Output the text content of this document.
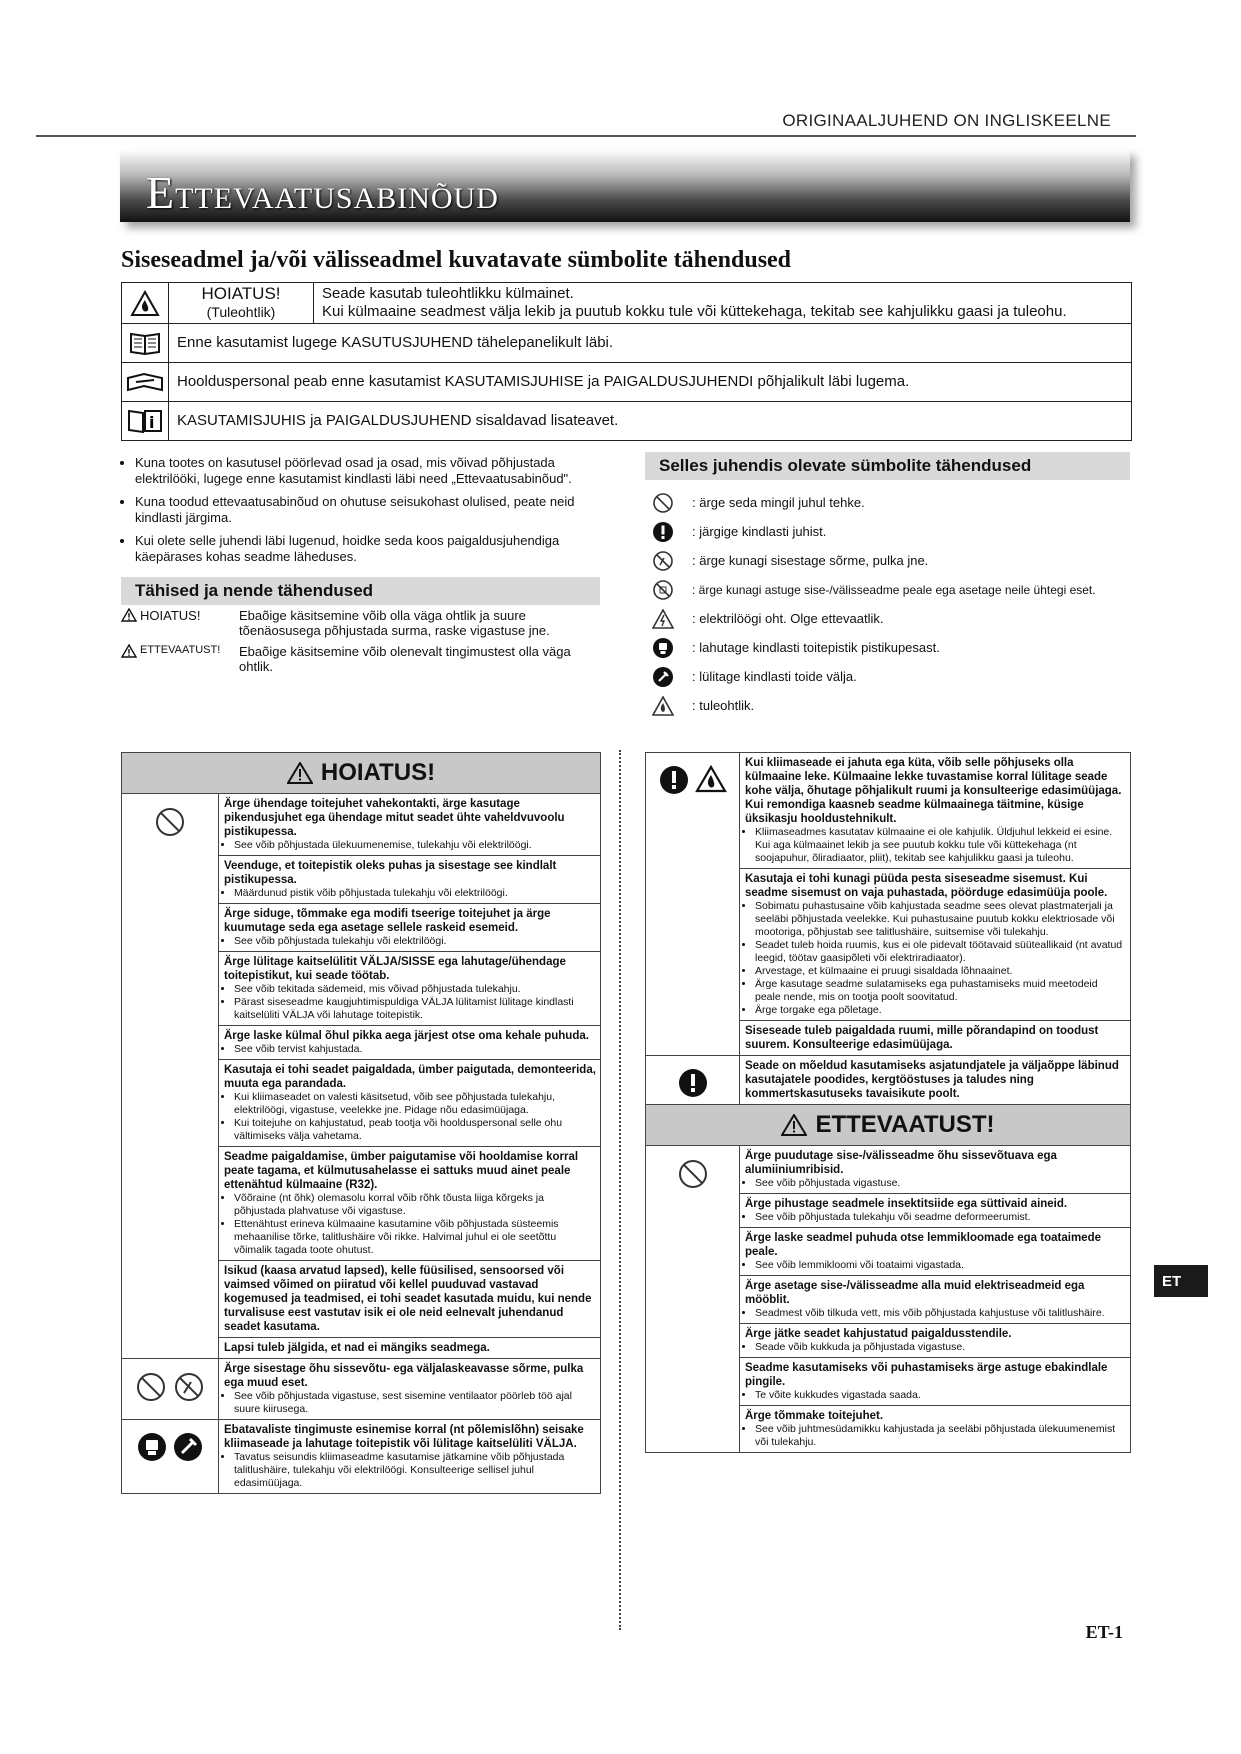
ORIGINAALJUHEND ON INGLISKEELNE
ETTEVAATUSABINÕUD
Siseseadmel ja/või välisseadmel kuvatavate sümbolite tähendused
HOIATUS!
(Tuleohtlik)
Seade kasutab tuleohtlikku külmainet.
Kui külmaaine seadmest välja lekib ja puutub kokku tule või küttekehaga, tekitab see kahjulikku gaasi ja tuleohu.
Enne kasutamist lugege KASUTUSJUHEND tähelepanelikult läbi.
Hoolduspersonal peab enne kasutamist KASUTAMISJUHISE ja PAIGALDUSJUHENDI põhjalikult läbi lugema.
i	KASUTAMISJUHIS ja PAIGALDUSJUHEND sisaldavad lisateavet.
• Kuna tootes on kasutusel pöörlevad osad ja osad, mis võivad põhjustada elektrilööki, lugege enne kasutamist kindlasti läbi need „Ettevaatusabinõud".
• Kuna toodud ettevaatusabinõud on ohutuse seisukohast olulised, peate neid kindlasti järgima.
• Kui olete selle juhendi läbi lugenud, hoidke seda koos paigaldusjuhendiga käepärases kohas seadme läheduses.
Tähised ja nende tähendused
HOIATUS!	Ebaõige käsitsemine võib olla väga ohtlik ja suure tõenäosusega põhjustada surma, raske vigastuse jne.
ETTEVAATUST! Ebaõige käsitsemine võib olenevalt tingimustest olla väga ohtlik.
Selles juhendis olevate sümbolite tähendused
: ärge seda mingil juhul tehke.
: järgige kindlasti juhist.
: ärge kunagi sisestage sõrme, pulka jne.
: ärge kunagi astuge sise-/välisseadme peale ega asetage neile ühtegi eset.
: elektrilöögi oht. Olge ettevaatlik.
: lahutage kindlasti toitepistik pistikupesast.
: lülitage kindlasti toide välja.
: tuleohtlik.
HOIATUS!
Ärge ühendage toitejuhet vahekontakti, ärge kasutage pikendusjuhet ega ühendage mitut seadet ühte vaheldvuvoolu pistikupessa.
• See võib põhjustada ülekuumenemise, tulekahju või elektrilöögi.
Veenduge, et toitepistik oleks puhas ja sisestage see kindlalt pistikupessa.
• Määrdunud pistik võib põhjustada tulekahju või elektrilöögi.
Ärge siduge, tõmmake ega modifi tseerige toitejuhet ja ärge kuumutage seda ega asetage sellele raskeid esemeid.
• See võib põhjustada tulekahju või elektrilöögi.
Ärge lülitage kaitselülitit VÄLJA/SISSE ega lahutage/ühendage toitepistikut, kui seade töötab.
• See võib tekitada sädemeid, mis võivad põhjustada tulekahju.
• Pärast siseseadme kaugjuhtimispuldiga VÄLJA lülitamist lülitage kindlasti kaitselüliti VÄLJA või lahutage toitepistik.
Ärge laske külmal õhul pikka aega järjest otse oma kehale puhuda.
• See võib tervist kahjustada.
Kasutaja ei tohi seadet paigaldada, ümber paigutada, demonteerida, muuta ega parandada.
• Kui kliimaseadet on valesti käsitsetud, võib see põhjustada tulekahju, elektrilöögi, vigastuse, veelekke jne. Pidage nõu edasimüüjaga.
• Kui toitejuhe on kahjustatud, peab tootja või hoolduspersonal selle ohu vältimiseks välja vahetama.
Seadme paigaldamise, ümber paigutamise või hooldamise korral peate tagama, et külmutusahelasse ei sattuks muud ainet peale ettenähtud külmaaine (R32).
• Võõraine (nt õhk) olemasolu korral võib rõhk tõusta liiga kõrgeks ja põhjustada plahvatuse või vigastuse.
• Ettenähtust erineva külmaaine kasutamine võib põhjustada süsteemis mehaanilise tõrke, talitlushäire või rikke. Halvimal juhul ei ole seetõttu võimalik tagada toote ohutust.
Isikud (kaasa arvatud lapsed), kelle füüsilised, sensoorsed või vaimsed võimed on piiratud või kellel puuduvad vastavad kogemused ja teadmised, ei tohi seadet kasutada muidu, kui nende turvalisuse eest vastutav isik ei ole neid eelnevalt juhendanud seadet kasutama.
Lapsi tuleb jälgida, et nad ei mängiks seadmega.
Ärge sisestage õhu sissevõtu- ega väljalaskeavasse sõrme, pulka ega muud eset.
• See võib põhjustada vigastuse, sest sisemine ventilaator pöörleb töö ajal suure kiirusega.
Ebatavaliste tingimuste esinemise korral (nt põlemislõhn) seisake kliimaseade ja lahutage toitepistik või lülitage kaitselüliti VÄLJA.
• Tavatus seisundis kliimaseadme kasutamise jätkamine võib põhjustada talitlushäire, tulekahju või elektrilöögi. Konsulteerige sellisel juhul edasimüüjaga.
Kui kliimaseade ei jahuta ega küta, võib selle põhjuseks olla külmaaine leke. Külmaaine lekke tuvastamise korral lülitage seade kohe välja, õhutage põhjalikult ruumi ja konsulteerige edasimüüjaga. Kui remondiga kaasneb seadme külmaainega täitmine, küsige üksikasju hooldustehnikult.
• Kliimaseadmes kasutatav külmaaine ei ole kahjulik. Üldjuhul lekkeid ei esine. Kui aga külmaainet lekib ja see puutub kokku tule või küttekehaga (nt soojapuhur, õliradiaator, pliit), tekitab see kahjulikku gaasi ja tuleohu.
Kasutaja ei tohi kunagi püüda pesta siseseadme sisemust. Kui seadme sisemust on vaja puhastada, pöörduge edasimüüja poole.
• Sobimatu puhastusaine võib kahjustada seadme sees olevat plastmaterjali ja seeläbi põhjustada veelekke. Kui puhastusaine puutub kokku elektriosade või mootoriga, põhjustab see talitlushäire, suitsemise või tulekahju.
• Seadet tuleb hoida ruumis, kus ei ole pidevalt töötavaid süüteallikaid (nt avatud leegid, töötav gaasipõleti või elektriradiaator).
• Arvestage, et külmaaine ei pruugi sisaldada lõhnaainet.
• Ärge kasutage seadme sulatamiseks ega puhastamiseks muid meetodeid peale nende, mis on tootja poolt soovitatud.
• Ärge torgake ega põletage.
Siseseade tuleb paigaldada ruumi, mille põrandapind on toodust suurem. Konsulteerige edasimüüjaga.
Seade on mõeldud kasutamiseks asjatundjatele ja väljaõppe läbinud kasutajatele poodides, kergtööstuses ja taludes ning kommertskasutuseks tavaisikute poolt.
ETTEVAATUST!
Ärge puudutage sise-/välisseadme õhu sissevõtuava ega alumiiniumribisid.
• See võib põhjustada vigastuse.
Ärge pihustage seadmele insektitsiide ega süttivaid aineid.
• See võib põhjustada tulekahju või seadme deformeerumist.
Ärge laske seadmel puhuda otse lemmikloomade ega toataimede peale.
• See võib lemmikloomi või toataimi vigastada.
Ärge asetage sise-/välisseadme alla muid elektriseadmeid ega mööblit.
• Seadmest võib tilkuda vett, mis võib põhjustada kahjustuse või talitlushäire.
Ärge jätke seadet kahjustatud paigaldusstendile.
• Seade võib kukkuda ja põhjustada vigastuse.
Seadme kasutamiseks või puhastamiseks ärge astuge ebakindlale pingile.
• Te võite kukkudes vigastada saada.
Ärge tõmmake toitejuhet.
• See võib juhtmesüdamikku kahjustada ja seeläbi põhjustada ülekuumenemist või tulekahju.
ET
ET-1
